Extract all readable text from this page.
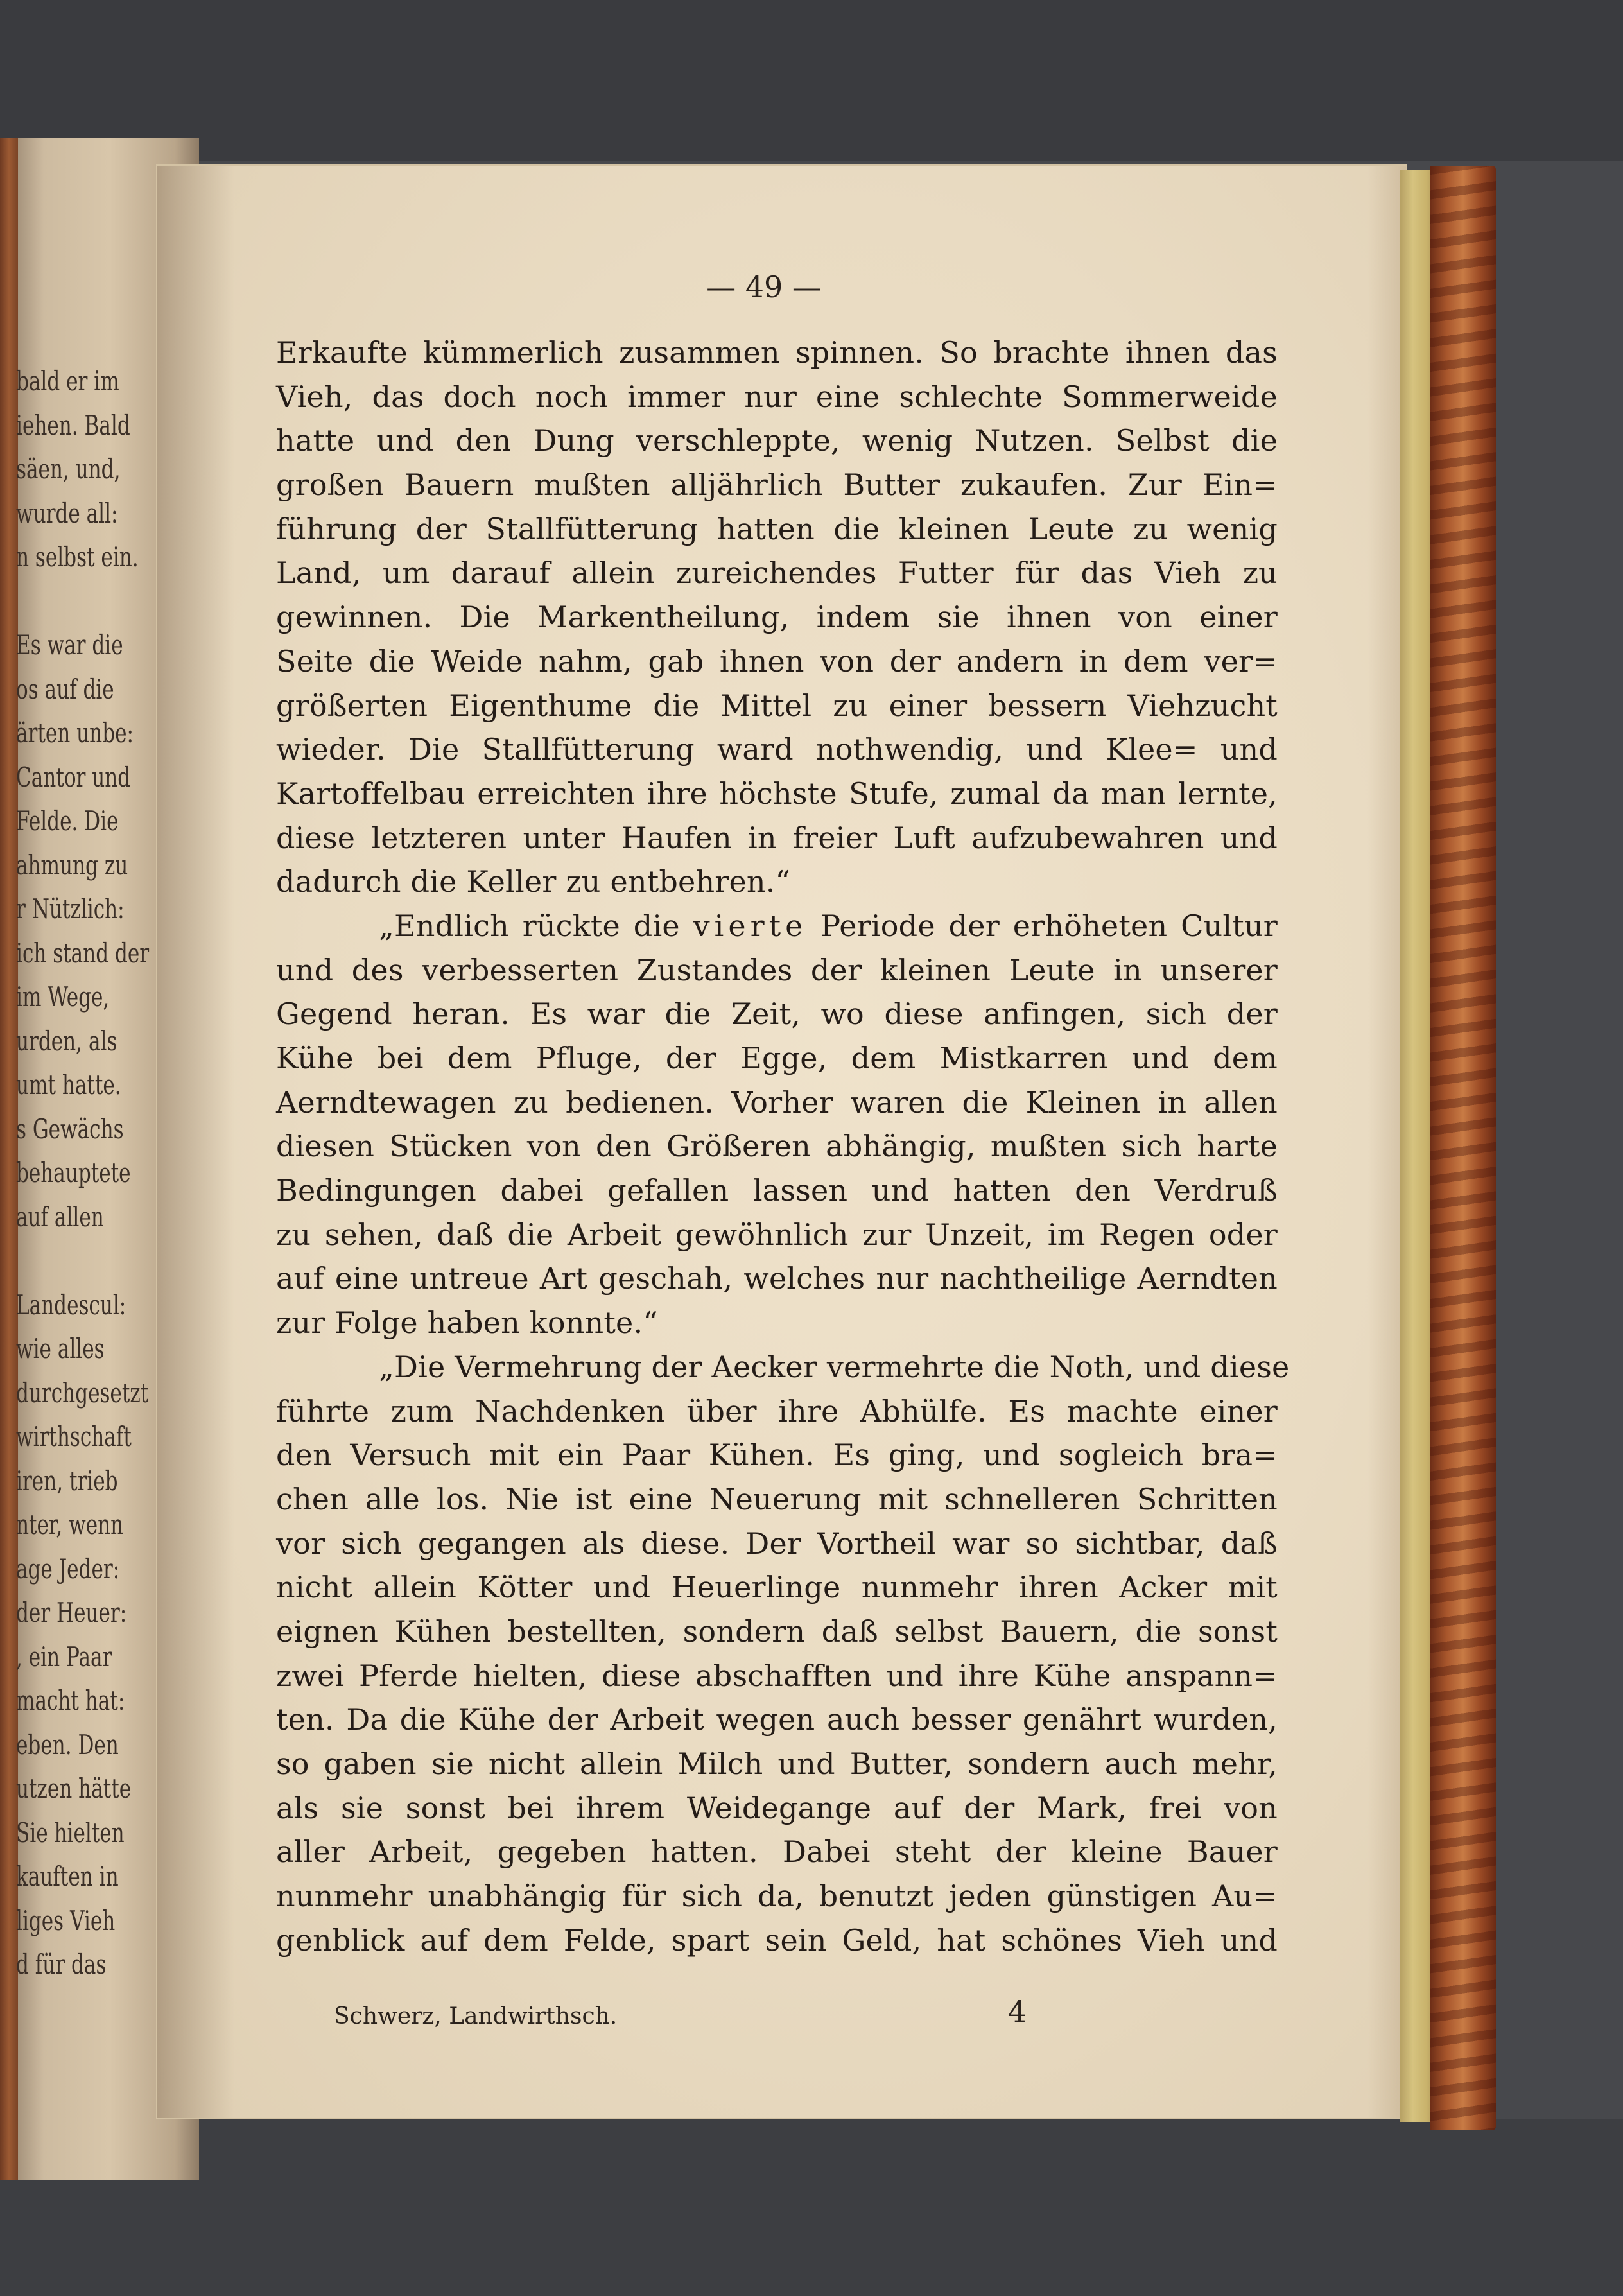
bald er im
iehen. Bald
säen, und,
wurde all:
n selbst ein.
Es war die
os auf die
ärten unbe:
Cantor und
Felde. Die
ahmung zu
r Nützlich:
ich stand der
im Wege,
urden, als
umt hatte.
s Gewächs
behauptete
auf allen
Landescul:
wie alles
durchgesetzt
wirthschaft
iren, trieb
nter, wenn
age Jeder:
der Heuer:
, ein Paar
macht hat:
eben. Den
utzen hätte
Sie hielten
kauften in
liges Vieh
d für das
— 49 —
Erkaufte kümmerlich zusammen spinnen. So brachte ihnen das
Vieh, das doch noch immer nur eine schlechte Sommerweide
hatte und den Dung verschleppte, wenig Nutzen. Selbst die
großen Bauern mußten alljährlich Butter zukaufen. Zur Ein=
führung der Stallfütterung hatten die kleinen Leute zu wenig
Land, um darauf allein zureichendes Futter für das Vieh zu
gewinnen. Die Markentheilung, indem sie ihnen von einer
Seite die Weide nahm, gab ihnen von der andern in dem ver=
größerten Eigenthume die Mittel zu einer bessern Viehzucht
wieder. Die Stallfütterung ward nothwendig, und Klee= und
Kartoffelbau erreichten ihre höchste Stufe, zumal da man lernte,
diese letzteren unter Haufen in freier Luft aufzubewahren und
dadurch die Keller zu entbehren.“
„Endlich rückte die vierte Periode der erhöheten Cultur
und des verbesserten Zustandes der kleinen Leute in unserer
Gegend heran. Es war die Zeit, wo diese anfingen, sich der
Kühe bei dem Pfluge, der Egge, dem Mistkarren und dem
Aerndtewagen zu bedienen. Vorher waren die Kleinen in allen
diesen Stücken von den Größeren abhängig, mußten sich harte
Bedingungen dabei gefallen lassen und hatten den Verdruß
zu sehen, daß die Arbeit gewöhnlich zur Unzeit, im Regen oder
auf eine untreue Art geschah, welches nur nachtheilige Aerndten
zur Folge haben konnte.“
„Die Vermehrung der Aecker vermehrte die Noth, und diese
führte zum Nachdenken über ihre Abhülfe. Es machte einer
den Versuch mit ein Paar Kühen. Es ging, und sogleich bra=
chen alle los. Nie ist eine Neuerung mit schnelleren Schritten
vor sich gegangen als diese. Der Vortheil war so sichtbar, daß
nicht allein Kötter und Heuerlinge nunmehr ihren Acker mit
eignen Kühen bestellten, sondern daß selbst Bauern, die sonst
zwei Pferde hielten, diese abschafften und ihre Kühe anspann=
ten. Da die Kühe der Arbeit wegen auch besser genährt wurden,
so gaben sie nicht allein Milch und Butter, sondern auch mehr,
als sie sonst bei ihrem Weidegange auf der Mark, frei von
aller Arbeit, gegeben hatten. Dabei steht der kleine Bauer
nunmehr unabhängig für sich da, benutzt jeden günstigen Au=
genblick auf dem Felde, spart sein Geld, hat schönes Vieh und
Schwerz, Landwirthsch.	4
